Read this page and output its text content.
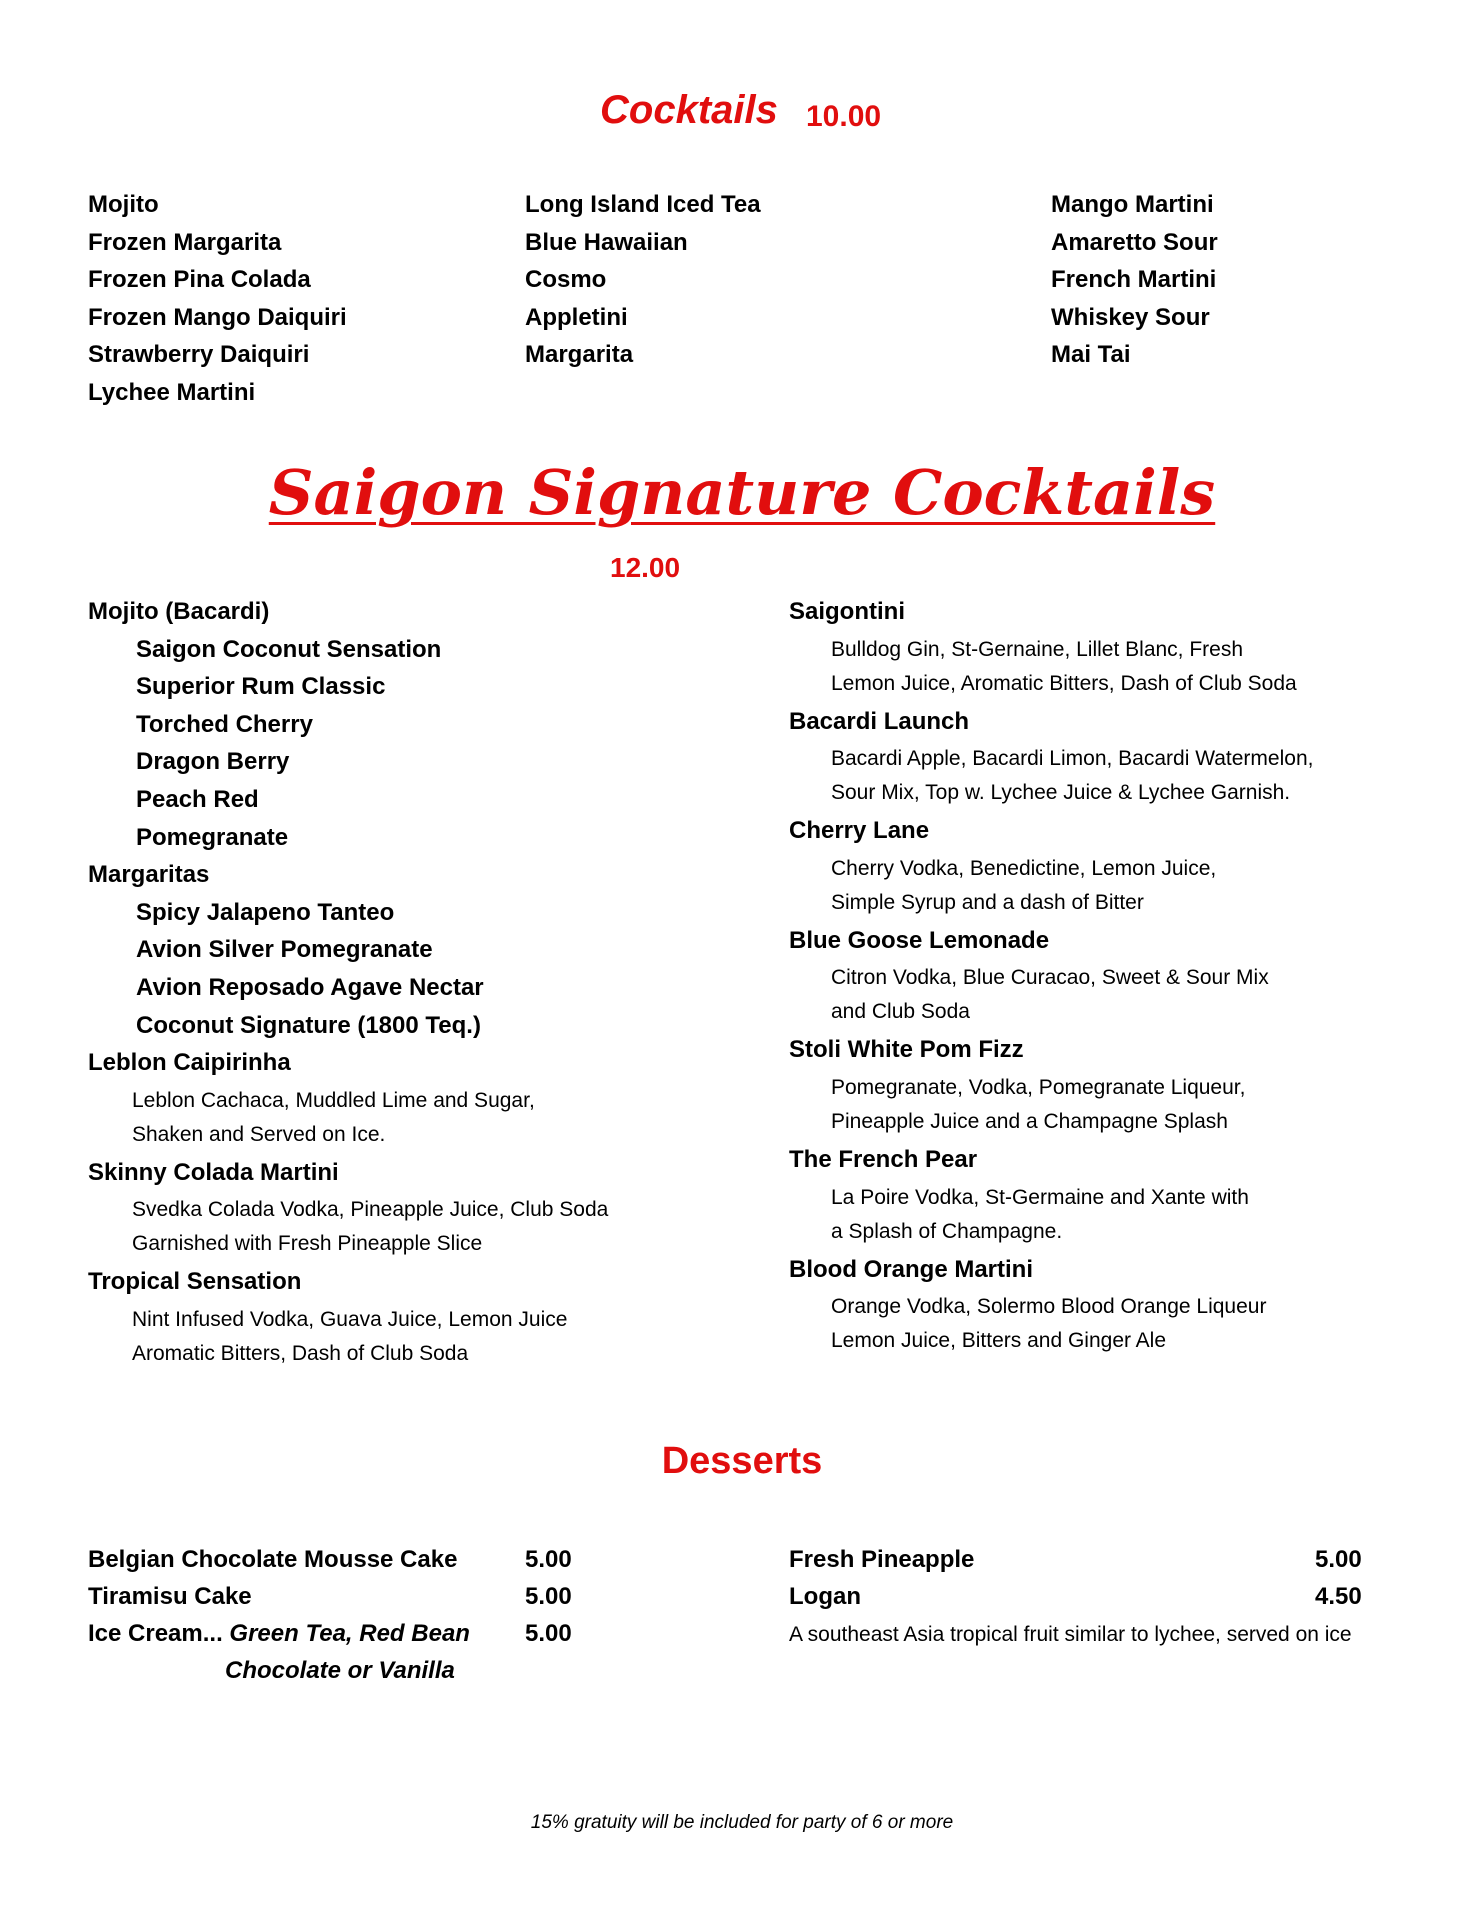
Cocktails 10.00
Mojito
Frozen Margarita
Frozen Pina Colada
Frozen Mango Daiquiri
Strawberry Daiquiri
Lychee Martini
Long Island Iced Tea
Blue Hawaiian
Cosmo
Appletini
Margarita
Mango Martini
Amaretto Sour
French Martini
Whiskey Sour
Mai Tai
Saigon Signature Cocktails
12.00
Mojito (Bacardi)
Saigon Coconut Sensation
Superior Rum Classic
Torched Cherry
Dragon Berry
Peach Red
Pomegranate
Margaritas
Spicy Jalapeno Tanteo
Avion Silver Pomegranate
Avion Reposado Agave Nectar
Coconut Signature (1800 Teq.)
Leblon Caipirinha
Leblon Cachaca, Muddled Lime and Sugar,
Shaken and Served on Ice.
Skinny Colada Martini
Svedka Colada Vodka, Pineapple Juice, Club Soda
Garnished with Fresh Pineapple Slice
Tropical Sensation
Nint Infused Vodka, Guava Juice, Lemon Juice
Aromatic Bitters, Dash of Club Soda
Saigontini
Bulldog Gin, St-Gernaine, Lillet Blanc, Fresh
Lemon Juice, Aromatic Bitters, Dash of Club Soda
Bacardi Launch
Bacardi Apple, Bacardi Limon, Bacardi Watermelon,
Sour Mix, Top w. Lychee Juice & Lychee Garnish.
Cherry Lane
Cherry Vodka, Benedictine, Lemon Juice,
Simple Syrup and a dash of Bitter
Blue Goose Lemonade
Citron Vodka, Blue Curacao, Sweet & Sour Mix
and Club Soda
Stoli White Pom Fizz
Pomegranate, Vodka, Pomegranate Liqueur,
Pineapple Juice and a Champagne Splash
The French Pear
La Poire Vodka, St-Germaine and Xante with
a Splash of Champagne.
Blood Orange Martini
Orange Vodka, Solermo Blood Orange Liqueur
Lemon Juice, Bitters and Ginger Ale
Desserts
Belgian Chocolate Mousse Cake	5.00
Tiramisu Cake	5.00
Ice Cream... Green Tea, Red Bean 5.00
Chocolate or Vanilla
Fresh Pineapple	5.00
Logan	4.50
A southeast Asia tropical fruit similar to lychee, served on ice
15% gratuity will be included for party of 6 or more
